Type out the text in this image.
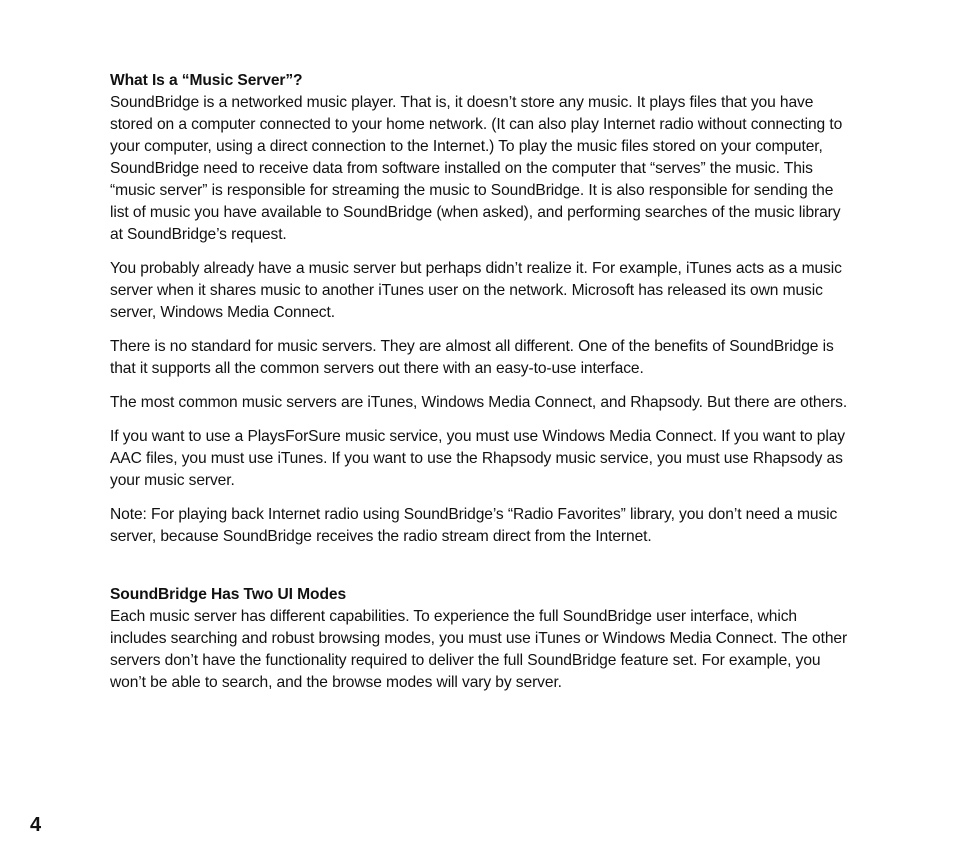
What Is a “Music Server”?

SoundBridge is a networked music player. That is, it doesn’t store any music. It plays files that you have stored on a computer connected to your home network. (It can also play Internet radio without connecting to your computer, using a direct connection to the Internet.) To play the music files stored on your computer, SoundBridge need to receive data from software installed on the computer that “serves” the music. This “music server” is responsible for streaming the music to SoundBridge. It is also responsible for sending the list of music you have available to SoundBridge (when asked), and performing searches of the music library at SoundBridge’s request.

You probably already have a music server but perhaps didn’t realize it. For example, iTunes acts as a music server when it shares music to another iTunes user on the network. Microsoft has released its own music server, Windows Media Connect.

There is no standard for music servers. They are almost all different. One of the benefits of SoundBridge is that it supports all the common servers out there with an easy-to-use interface.

The most common music servers are iTunes, Windows Media Connect, and Rhapsody. But there are others.

If you want to use a PlaysForSure music service, you must use Windows Media Connect. If you want to play AAC files, you must use iTunes. If you want to use the Rhapsody music service, you must use Rhapsody as your music server.

Note: For playing back Internet radio using SoundBridge’s “Radio Favorites” library, you don’t need a music server, because SoundBridge receives the radio stream direct from the Internet.

SoundBridge Has Two UI Modes

Each music server has different capabilities. To experience the full SoundBridge user interface, which includes searching and robust browsing modes, you must use iTunes or Windows Media Connect. The other servers don’t have the functionality required to deliver the full SoundBridge feature set. For example, you won’t be able to search, and the browse modes will vary by server.

4
